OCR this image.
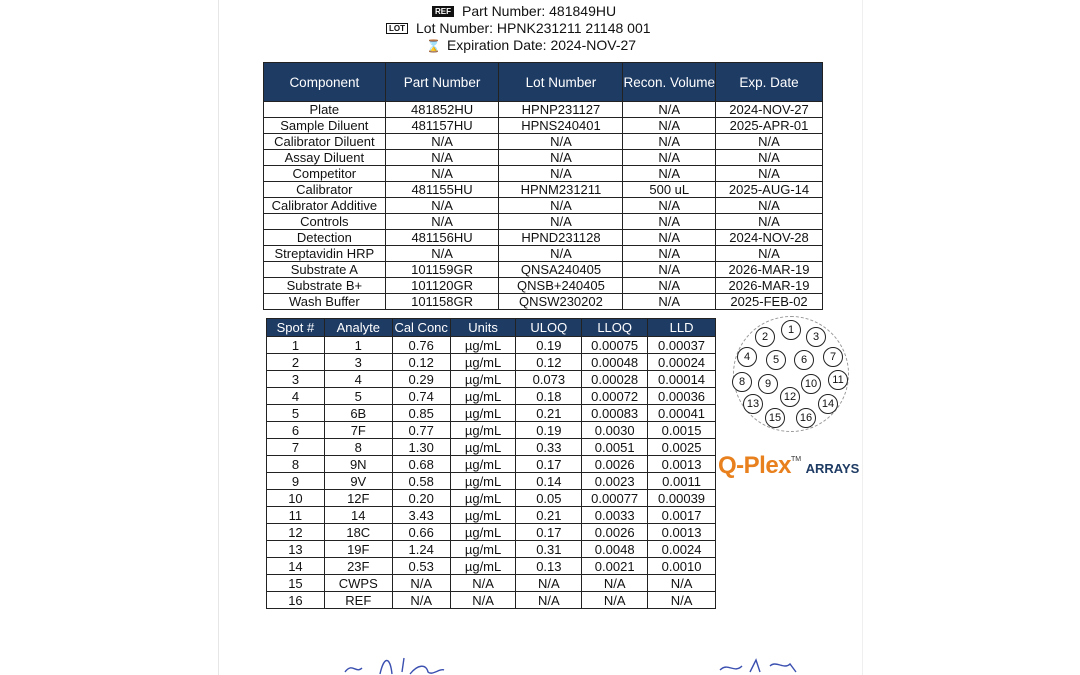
REF Part Number: 481849HU
LOT Lot Number: HPNK231211 21148 001
⌛ Expiration Date: 2024-NOV-27
Component	Part Number	Lot Number	Recon. Volume	Exp. Date
Plate	481852HU	HPNP231127	N/A	2024-NOV-27
Sample Diluent	481157HU	HPNS240401	N/A	2025-APR-01
Calibrator Diluent	N/A	N/A	N/A	N/A
Assay Diluent	N/A	N/A	N/A	N/A
Competitor	N/A	N/A	N/A	N/A
Calibrator	481155HU	HPNM231211	500 uL	2025-AUG-14
Calibrator Additive	N/A	N/A	N/A	N/A
Controls	N/A	N/A	N/A	N/A
Detection	481156HU	HPND231128	N/A	2024-NOV-28
Streptavidin HRP	N/A	N/A	N/A	N/A
Substrate A	101159GR	QNSA240405	N/A	2026-MAR-19
Substrate B+	101120GR	QNSB+240405	N/A	2026-MAR-19
Wash Buffer	101158GR	QNSW230202	N/A	2025-FEB-02
Spot #	Analyte	Cal Conc	Units	ULOQ	LLOQ	LLD
1	1	0.76	µg/mL	0.19	0.00075	0.00037
2	3	0.12	µg/mL	0.12	0.00048	0.00024
3	4	0.29	µg/mL	0.073	0.00028	0.00014
4	5	0.74	µg/mL	0.18	0.00072	0.00036
5	6B	0.85	µg/mL	0.21	0.00083	0.00041
6	7F	0.77	µg/mL	0.19	0.0030	0.0015
7	8	1.30	µg/mL	0.33	0.0051	0.0025
8	9N	0.68	µg/mL	0.17	0.0026	0.0013
9	9V	0.58	µg/mL	0.14	0.0023	0.0011
10	12F	0.20	µg/mL	0.05	0.00077	0.00039
11	14	3.43	µg/mL	0.21	0.0033	0.0017
12	18C	0.66	µg/mL	0.17	0.0026	0.0013
13	19F	1.24	µg/mL	0.31	0.0048	0.0024
14	23F	0.53	µg/mL	0.13	0.0021	0.0010
15	CWPS	N/A	N/A	N/A	N/A	N/A
16	REF	N/A	N/A	N/A	N/A	N/A
1
2	3
4	5	6	7
8	9	10	11
12
13	14
15	16
Q-Plex™ ARRAYS
